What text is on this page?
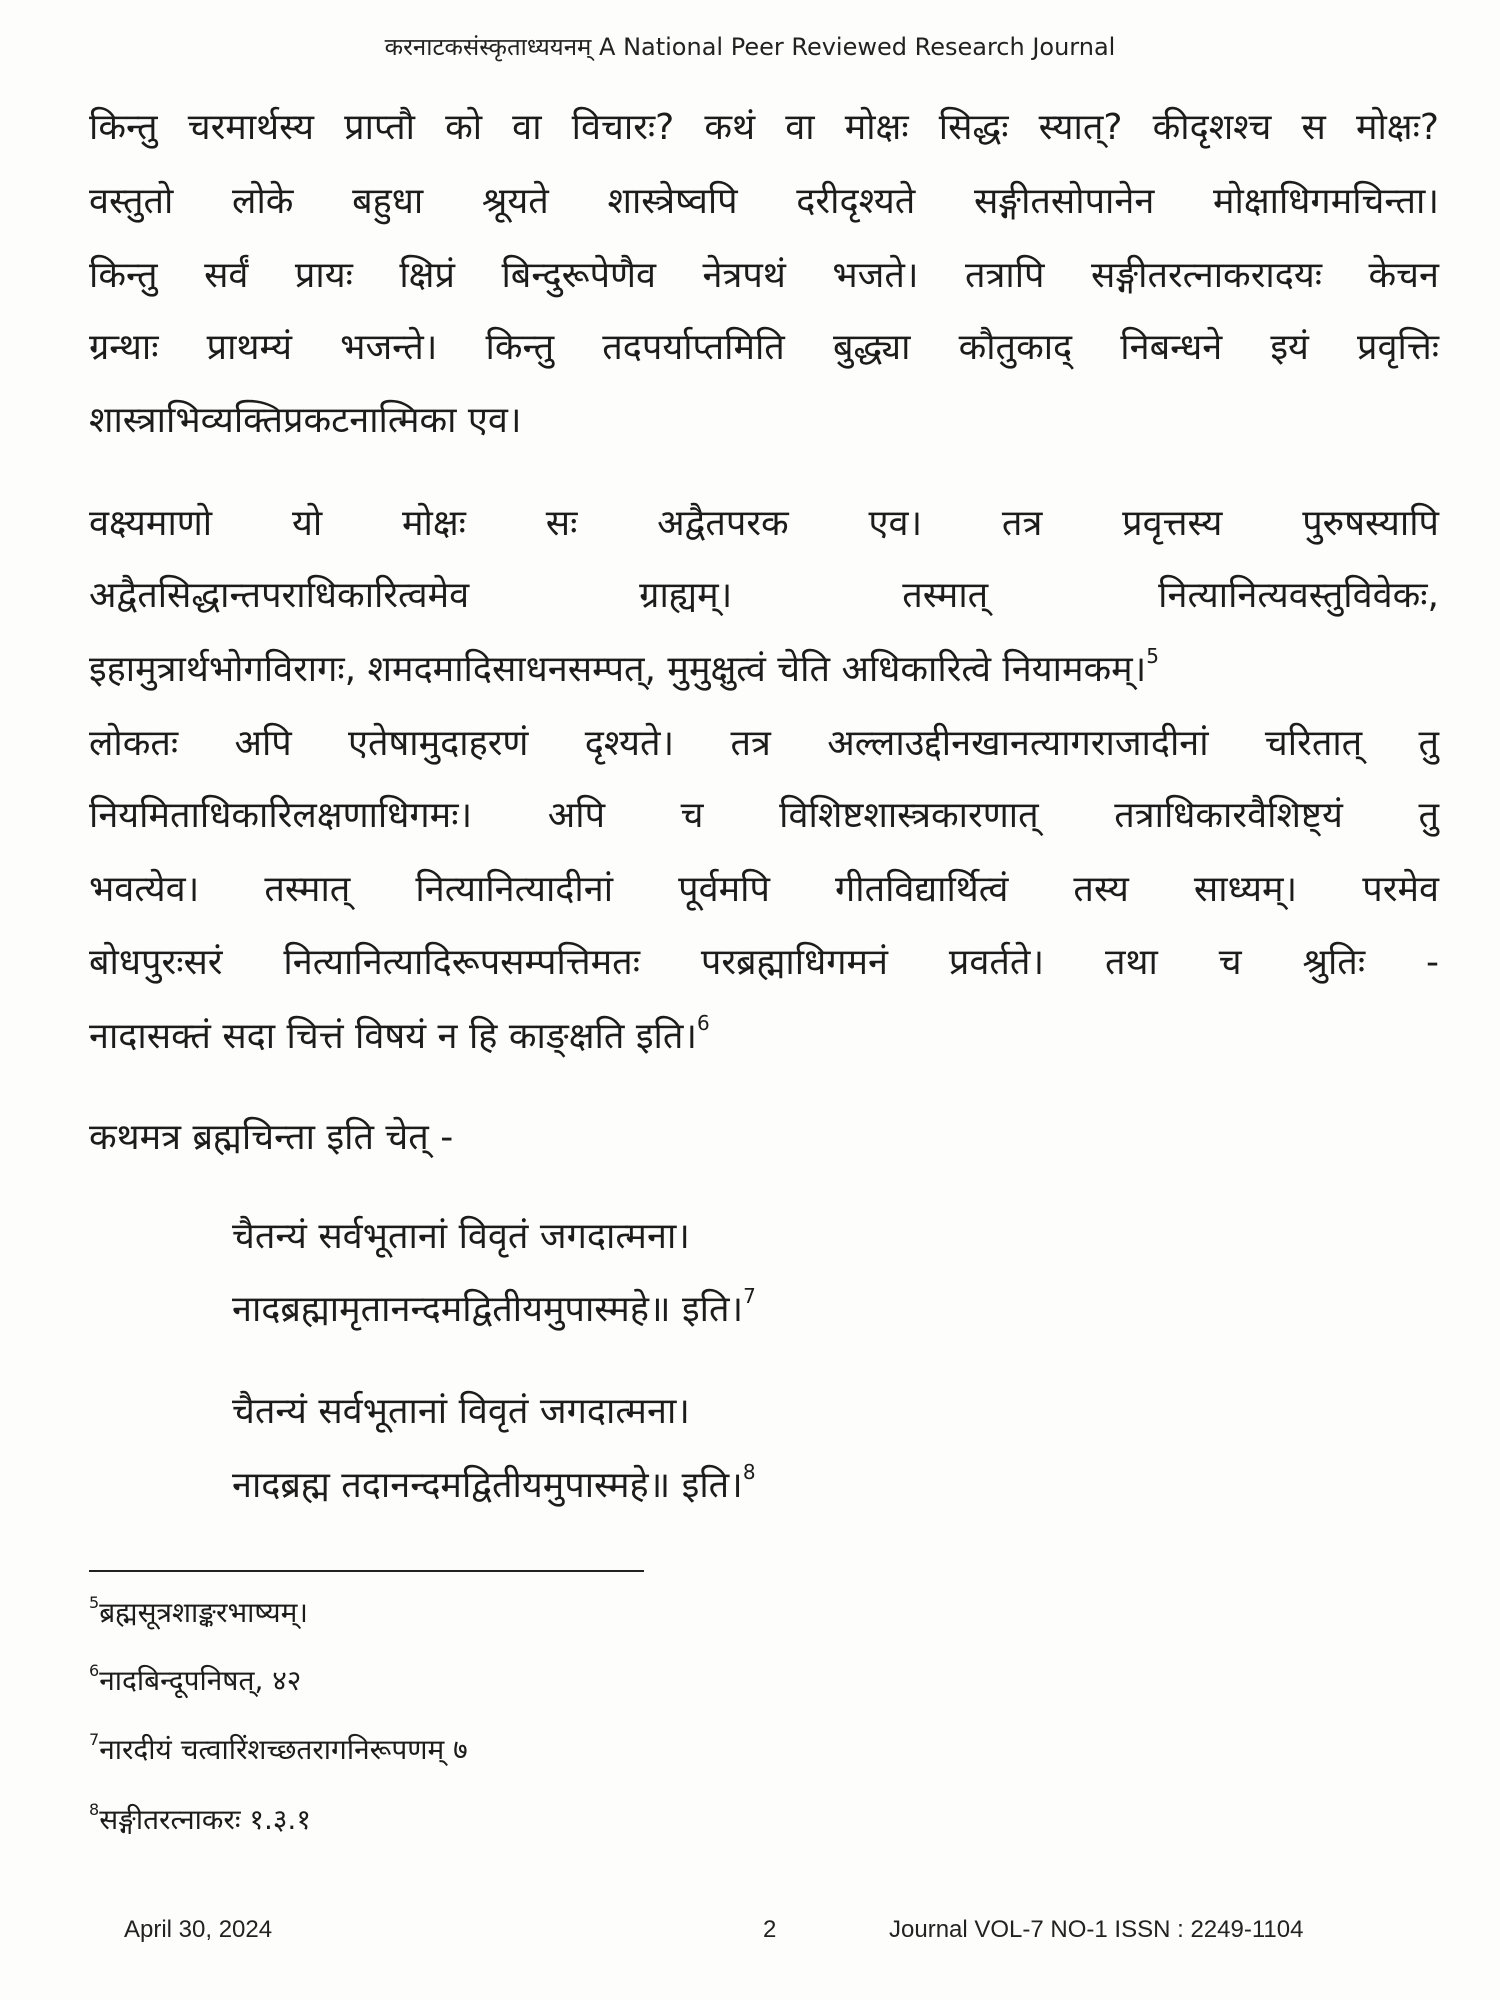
करनाटकसंस्कृताध्ययनम् A National Peer Reviewed Research Journal
किन्तु चरमार्थस्य प्राप्तौ को वा विचारः? कथं वा मोक्षः सिद्धः स्यात्? कीदृशश्च स मोक्षः?
वस्तुतो लोके बहुधा श्रूयते शास्त्रेष्वपि दरीदृश्यते सङ्गीतसोपानेन मोक्षाधिगमचिन्ता।
किन्तु सर्वं प्रायः क्षिप्रं बिन्दुरूपेणैव नेत्रपथं भजते। तत्रापि सङ्गीतरत्नाकरादयः केचन
ग्रन्थाः प्राथम्यं भजन्ते। किन्तु तदपर्याप्तमिति बुद्ध्या कौतुकाद् निबन्धने इयं प्रवृत्तिः
शास्त्राभिव्यक्तिप्रकटनात्मिका एव।
वक्ष्यमाणो यो मोक्षः सः अद्वैतपरक एव। तत्र प्रवृत्तस्य पुरुषस्यापि
अद्वैतसिद्धान्तपराधिकारित्वमेव ग्राह्यम्। तस्मात् नित्यानित्यवस्तुविवेकः,
इहामुत्रार्थभोगविरागः, शमदमादिसाधनसम्पत्, मुमुक्षुत्वं चेति अधिकारित्वे नियामकम्।$^5$
लोकतः अपि एतेषामुदाहरणं दृश्यते। तत्र अल्लाउद्दीनखानत्यागराजादीनां चरितात् तु
नियमिताधिकारिलक्षणाधिगमः। अपि च विशिष्टशास्त्रकारणात् तत्राधिकारवैशिष्ट्यं तु
भवत्येव। तस्मात् नित्यानित्यादीनां पूर्वमपि गीतविद्यार्थित्वं तस्य साध्यम्। परमेव
बोधपुरःसरं नित्यानित्यादिरूपसम्पत्तिमतः परब्रह्माधिगमनं प्रवर्तते। तथा च श्रुतिः -
नादासक्तं सदा चित्तं विषयं न हि काङ्क्षति इति।$^6$
कथमत्र ब्रह्मचिन्ता इति चेत् -
चैतन्यं सर्वभूतानां विवृतं जगदात्मना।
नादब्रह्मामृतानन्दमद्वितीयमुपास्महे॥ इति।$^7$
चैतन्यं सर्वभूतानां विवृतं जगदात्मना।
नादब्रह्म तदानन्दमद्वितीयमुपास्महे॥ इति।$^8$
$^5$ब्रह्मसूत्रशाङ्करभाष्यम्।
$^6$नादबिन्दूपनिषत्, ४२
$^7$नारदीयं चत्वारिंशच्छतरागनिरूपणम् ७
$^8$सङ्गीतरत्नाकरः १.३.१
April 30, 2024	2	Journal VOL-7 NO-1 ISSN : 2249-1104
